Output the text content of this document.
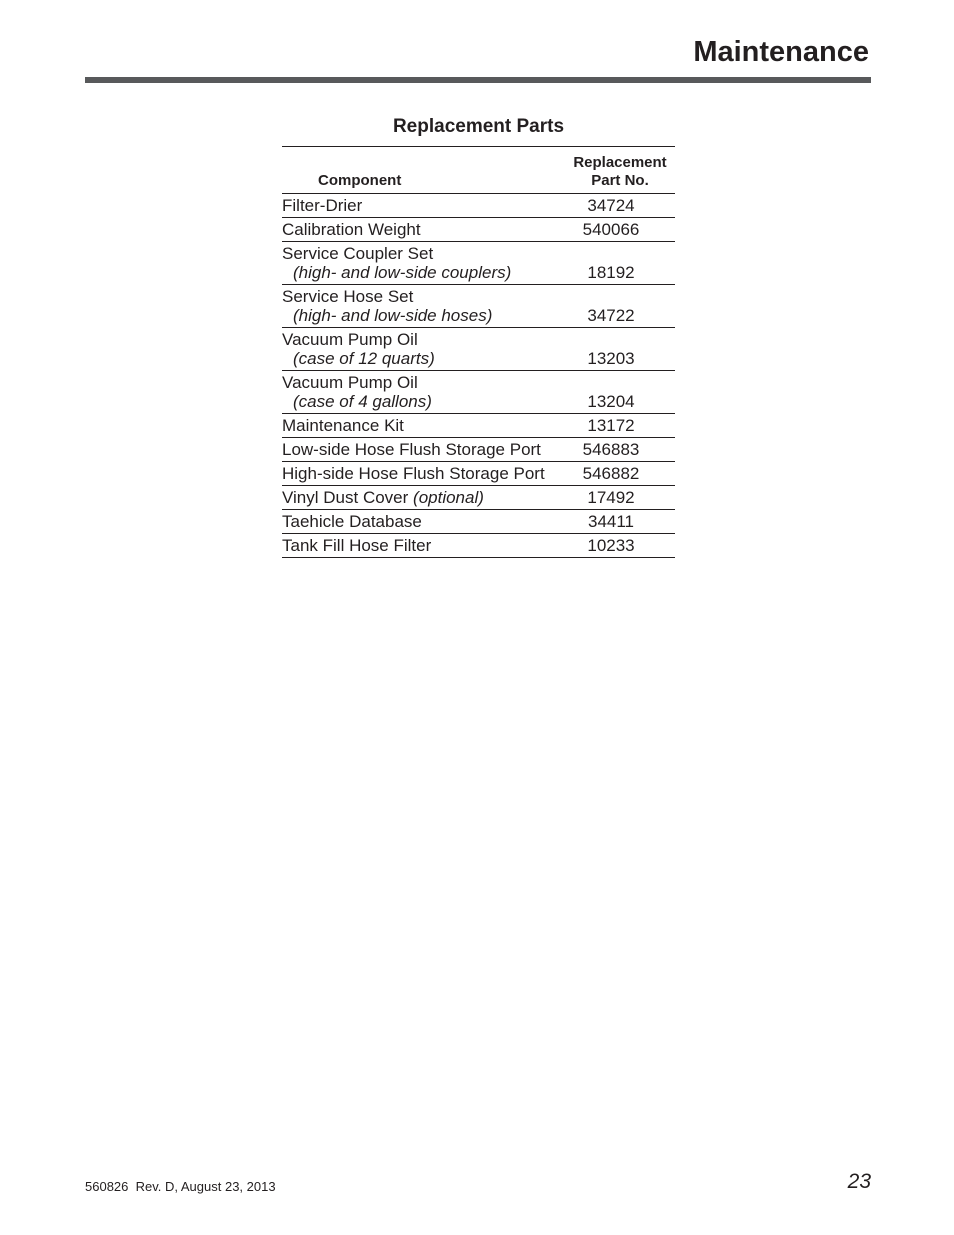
Maintenance
Replacement Parts
Component	Replacement
Part No.
Filter-Drier	34724
Calibration Weight	540066
Service Coupler Set
(high- and low-side couplers)	18192
Service Hose Set
(high- and low-side hoses)	34722
Vacuum Pump Oil
(case of 12 quarts)	13203
Vacuum Pump Oil
(case of 4 gallons)	13204
Maintenance Kit	13172
Low-side Hose Flush Storage Port	546883
High-side Hose Flush Storage Port	546882
Vinyl Dust Cover (optional)	17492
Taehicle Database	34411
Tank Fill Hose Filter	10233
560826  Rev. D, August 23, 2013	23
